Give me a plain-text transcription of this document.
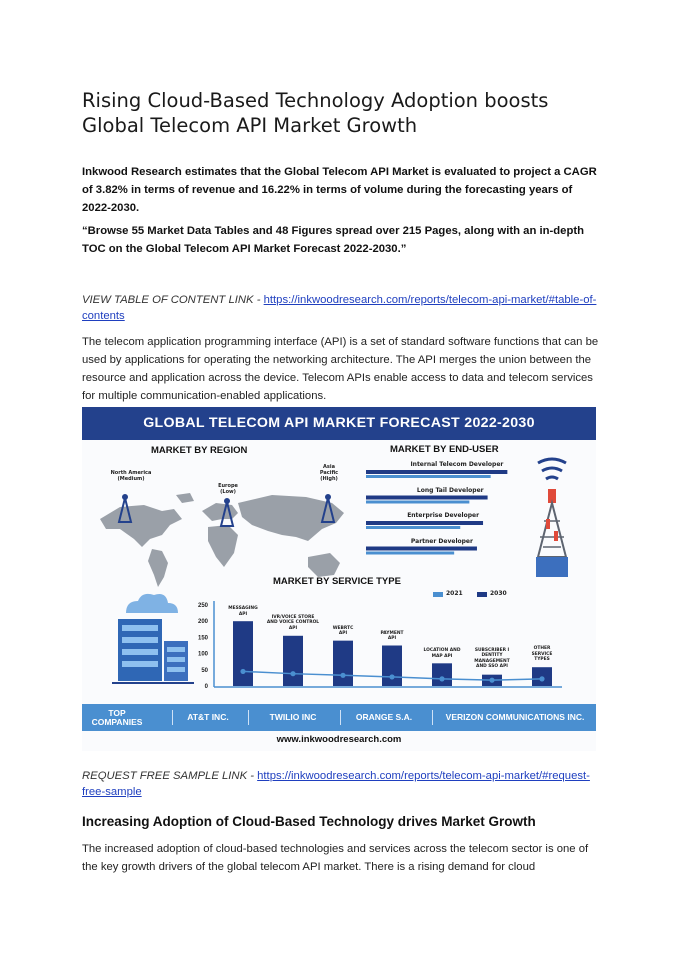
Rising Cloud-Based Technology Adoption boosts
Global Telecom API Market Growth

Inkwood Research estimates that the Global Telecom API Market is evaluated to project a CAGR of 3.82% in terms of revenue and 16.22% in terms of volume during the forecasting years of 2022-2030.

“Browse 55 Market Data Tables and 48 Figures spread over 215 Pages, along with an in-depth TOC on the Global Telecom API Market Forecast 2022-2030.”

VIEW TABLE OF CONTENT LINK - https://inkwoodresearch.com/reports/telecom-api-market/#table-of-contents

The telecom application programming interface (API) is a set of standard software functions that can be used by applications for operating the networking architecture. The API merges the union between the resource and application across the device. Telecom APIs enable access to data and telecom services for multiple communication-enabled applications.

GLOBAL TELECOM API MARKET FORECAST 2022-2030
MARKET BY REGION	MARKET BY END-USER
North America
(Medium)
Europe
(Low)
Asia Pacific
(High)
Internal Telecom Developer
Long Tail Developer
Enterprise Developer
Partner Developer
MARKET BY SERVICE TYPE
2021	2030
250
200
150
100
50
0
MESSAGING
API
IVR/VOICE STORE
AND VOICE CONTROL
API	WEBRTC
API	PAYMENT
API
LOCATION AND
MAP API
SUBSCRIBER I
DENTITY
MANAGEMENT
AND SSO API
OTHER
SERVICE
TYPES
TOP
COMPANIES	AT&T INC.	TWILIO INC	ORANGE S.A.	VERIZON COMMUNICATIONS INC.
www.inkwoodresearch.com

REQUEST FREE SAMPLE LINK - https://inkwoodresearch.com/reports/telecom-api-market/#request-free-sample

Increasing Adoption of Cloud-Based Technology drives Market Growth

The increased adoption of cloud-based technologies and services across the telecom sector is one of the key growth drivers of the global telecom API market. There is a rising demand for cloud
